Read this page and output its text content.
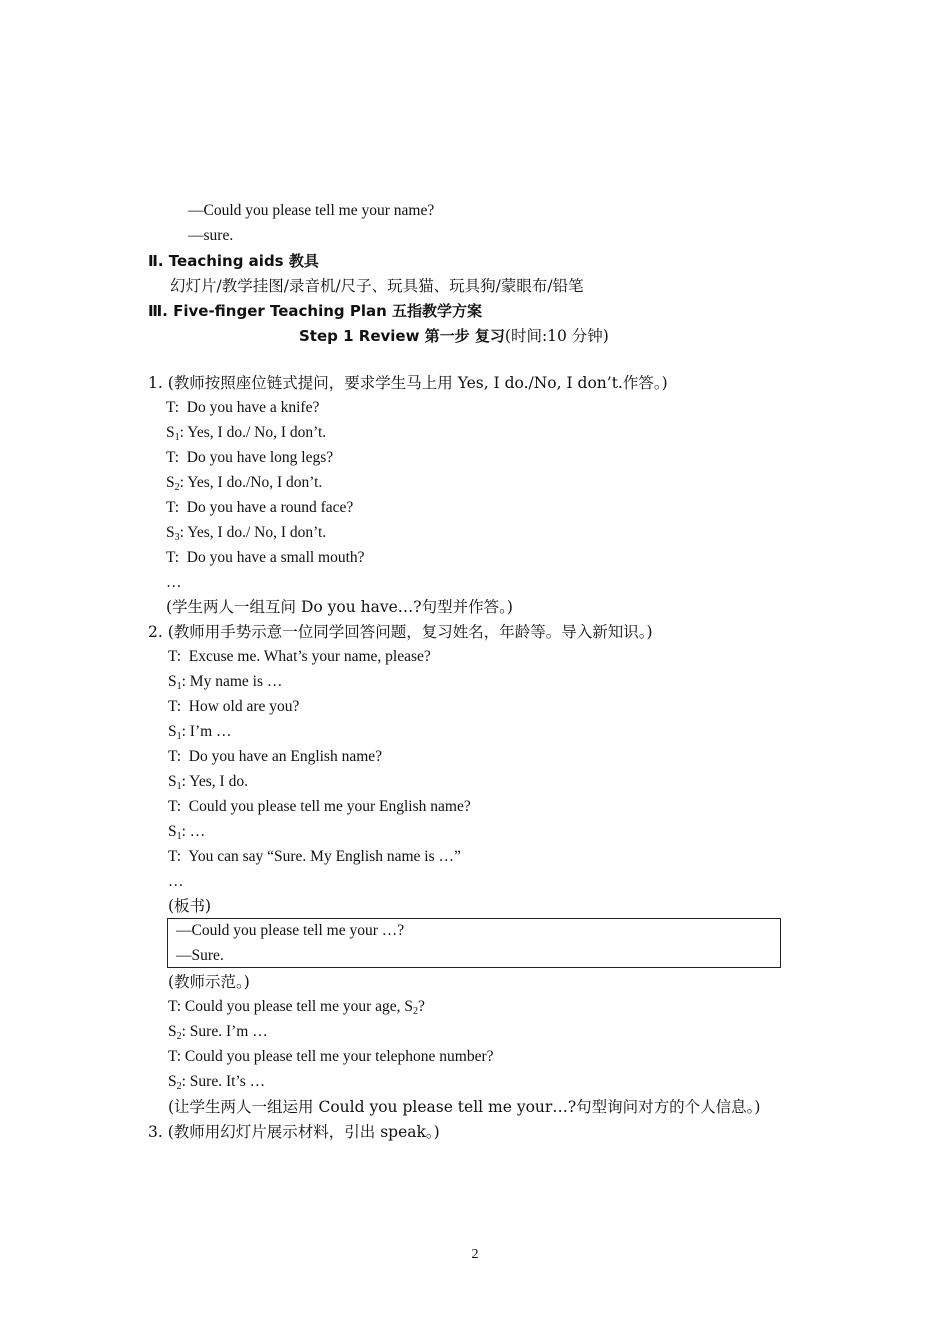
—Could you please tell me your name?
—sure.
Ⅱ. Teaching aids 教具
幻灯片/教学挂图/录音机/尺子、玩具猫、玩具狗/蒙眼布/铅笔
Ⅲ. Five-finger Teaching Plan 五指教学方案
Step 1 Review 第一步 复习(时间:10 分钟)
1. (教师按照座位链式提问，要求学生马上用 Yes, I do./No, I don’t.作答。)
T: Do you have a knife?
$S_1$: Yes, I do./ No, I don’t.
T: Do you have long legs?
$S_2$: Yes, I do./No, I don’t.
T: Do you have a round face?
$S_3$: Yes, I do./ No, I don’t.
T: Do you have a small mouth?
…
(学生两人一组互问 Do you have…?句型并作答。)
2. (教师用手势示意一位同学回答问题，复习姓名，年龄等。导入新知识。)
T: Excuse me. What’s your name, please?
$S_1$: My name is …
T: How old are you?
$S_1$: I’m …
T: Do you have an English name?
$S_1$: Yes, I do.
T: Could you please tell me your English name?
$S_1$: …
T: You can say “Sure. My English name is …”
…
(板书)
—Could you please tell me your …?
—Sure.
(教师示范。)
T: Could you please tell me your age, $S_2$?
$S_2$: Sure. I’m …
T: Could you please tell me your telephone number?
$S_2$: Sure. It’s …
(让学生两人一组运用 Could you please tell me your…?句型询问对方的个人信息。)
3. (教师用幻灯片展示材料，引出 speak。)
2
